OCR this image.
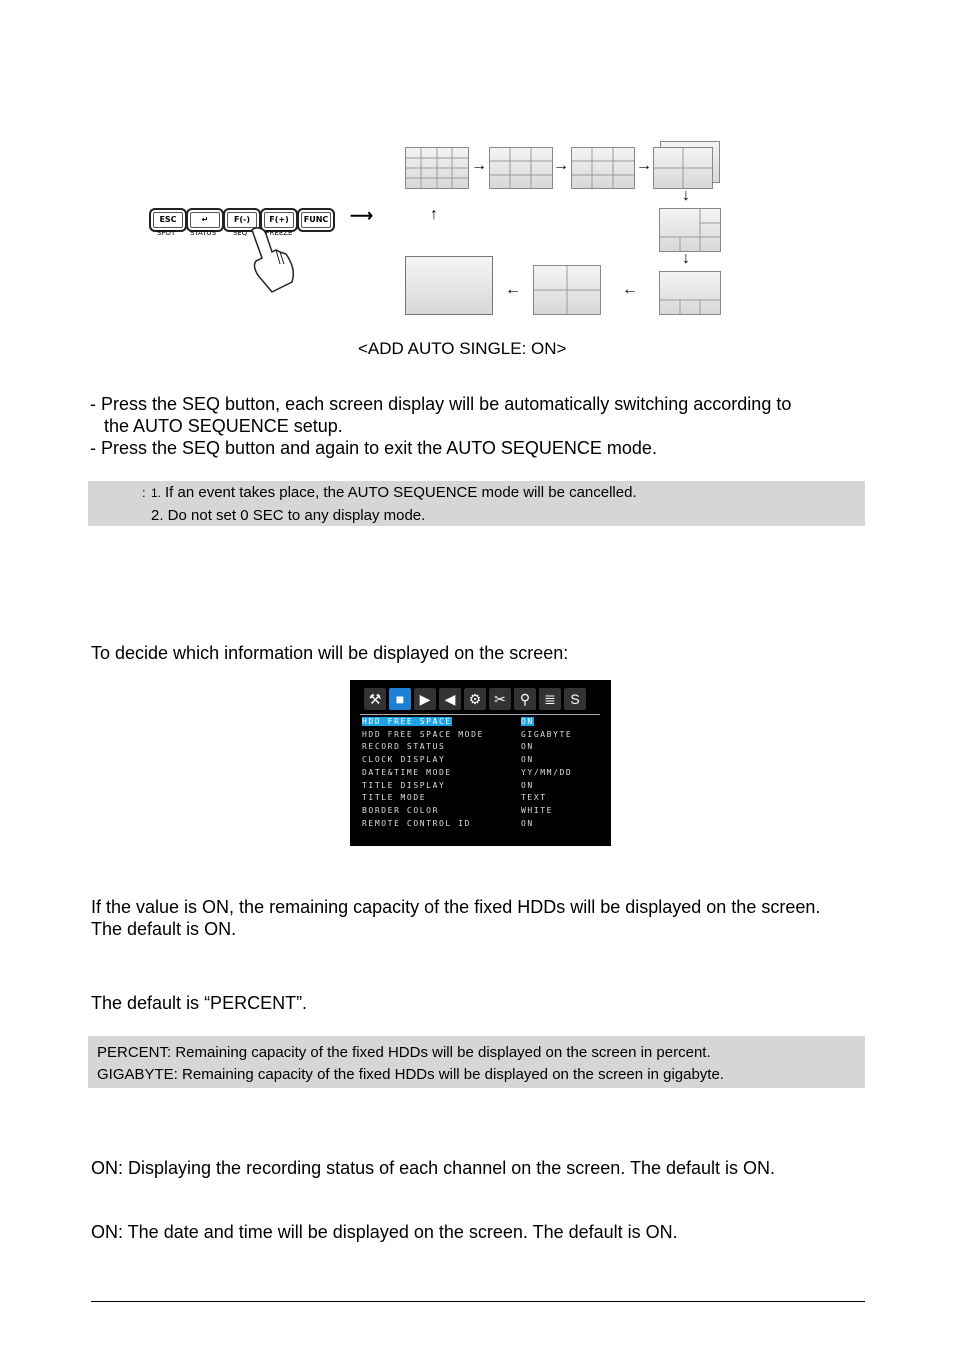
ESC	↵	F(-)	F(+)	FUNC
SPOT	STATUS	SEQ	FREEZE
⟶
→	→	→
↓
↓
←
←
↑
<ADD AUTO SINGLE: ON>
- Press the SEQ button, each screen display will be automatically switching according to
the AUTO SEQUENCE setup.
- Press the SEQ button and again to exit the AUTO SEQUENCE mode.
: 1. If an event takes place, the AUTO SEQUENCE mode will be cancelled.
2. Do not set 0 SEC to any display mode.
To decide which information will be displayed on the screen:
⚒	■	▶	◀ ⚙ ✂	⚲	≣	S
HDD FREE SPACE	ON
HDD FREE SPACE MODE	GIGABYTE
RECORD STATUS	ON
CLOCK DISPLAY	ON
DATE&TIME MODE	YY/MM/DD
TITLE DISPLAY	ON
TITLE MODE	TEXT
BORDER COLOR	WHITE
REMOTE CONTROL ID	ON
If the value is ON, the remaining capacity of the fixed HDDs will be displayed on the screen.
The default is ON.
The default is “PERCENT”.
PERCENT: Remaining capacity of the fixed HDDs will be displayed on the screen in percent.
GIGABYTE: Remaining capacity of the fixed HDDs will be displayed on the screen in gigabyte.
ON: Displaying the recording status of each channel on the screen. The default is ON.
ON: The date and time will be displayed on the screen. The default is ON.
